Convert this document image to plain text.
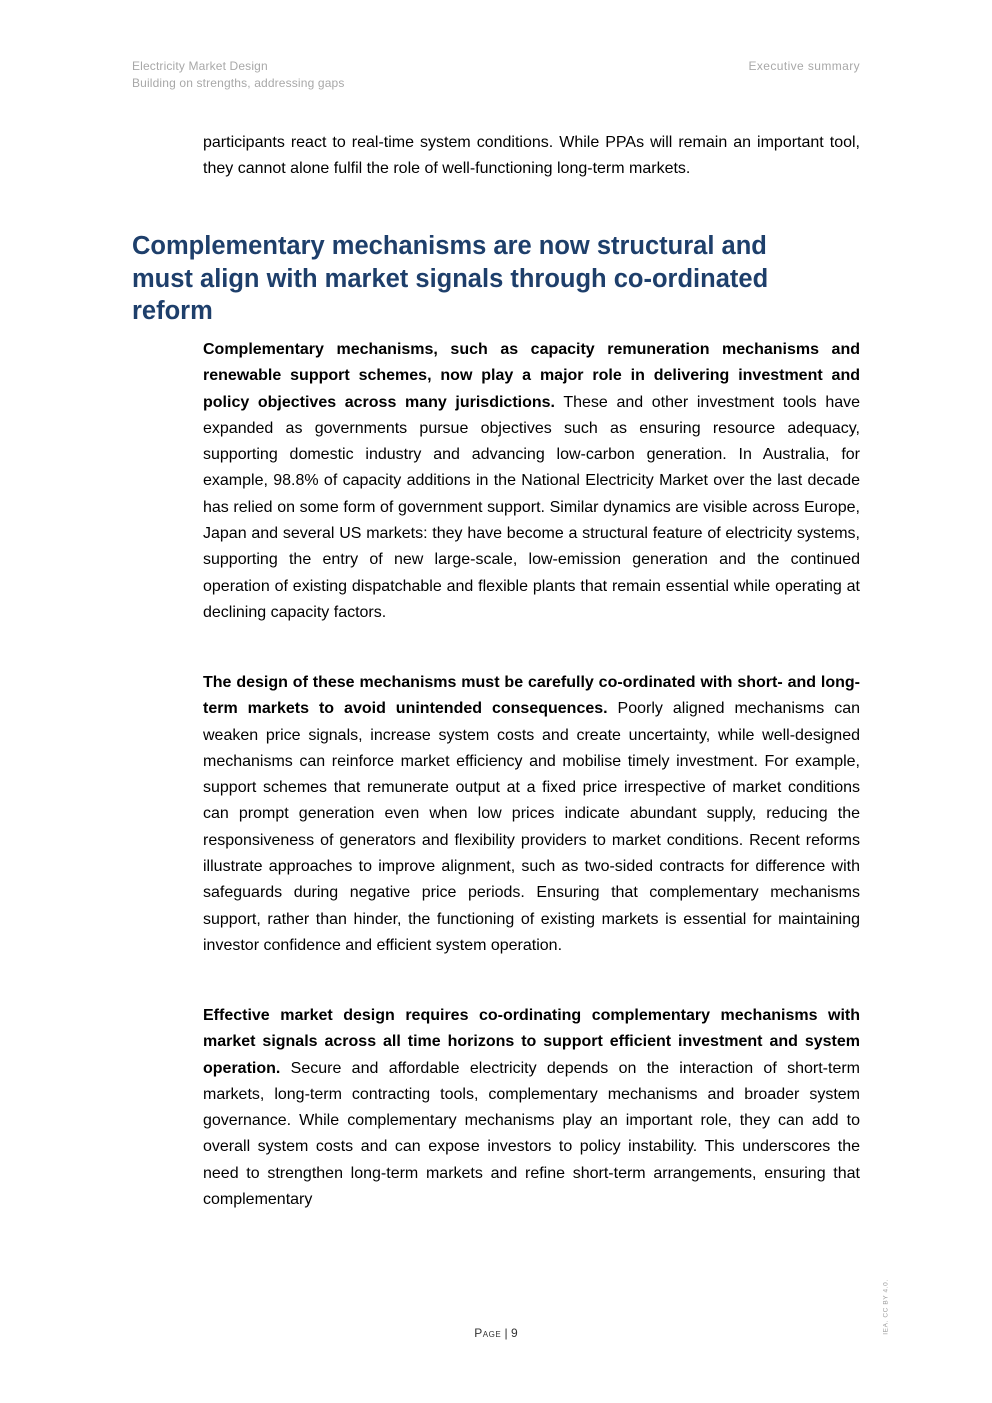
Electricity Market Design
Building on strengths, addressing gaps
Executive summary

participants react to real-time system conditions. While PPAs will remain an important tool, they cannot alone fulfil the role of well-functioning long-term markets.

Complementary mechanisms are now structural and must align with market signals through co-ordinated reform

Complementary mechanisms, such as capacity remuneration mechanisms and renewable support schemes, now play a major role in delivering investment and policy objectives across many jurisdictions. These and other investment tools have expanded as governments pursue objectives such as ensuring resource adequacy, supporting domestic industry and advancing low-carbon generation. In Australia, for example, 98.8% of capacity additions in the National Electricity Market over the last decade has relied on some form of government support. Similar dynamics are visible across Europe, Japan and several US markets: they have become a structural feature of electricity systems, supporting the entry of new large-scale, low-emission generation and the continued operation of existing dispatchable and flexible plants that remain essential while operating at declining capacity factors.

The design of these mechanisms must be carefully co-ordinated with short- and long-term markets to avoid unintended consequences. Poorly aligned mechanisms can weaken price signals, increase system costs and create uncertainty, while well-designed mechanisms can reinforce market efficiency and mobilise timely investment. For example, support schemes that remunerate output at a fixed price irrespective of market conditions can prompt generation even when low prices indicate abundant supply, reducing the responsiveness of generators and flexibility providers to market conditions. Recent reforms illustrate approaches to improve alignment, such as two-sided contracts for difference with safeguards during negative price periods. Ensuring that complementary mechanisms support, rather than hinder, the functioning of existing markets is essential for maintaining investor confidence and efficient system operation.

Effective market design requires co-ordinating complementary mechanisms with market signals across all time horizons to support efficient investment and system operation. Secure and affordable electricity depends on the interaction of short-term markets, long-term contracting tools, complementary mechanisms and broader system governance. While complementary mechanisms play an important role, they can add to overall system costs and can expose investors to policy instability. This underscores the need to strengthen long-term markets and refine short-term arrangements, ensuring that complementary

Page | 9	IEA. CC BY 4.0.
